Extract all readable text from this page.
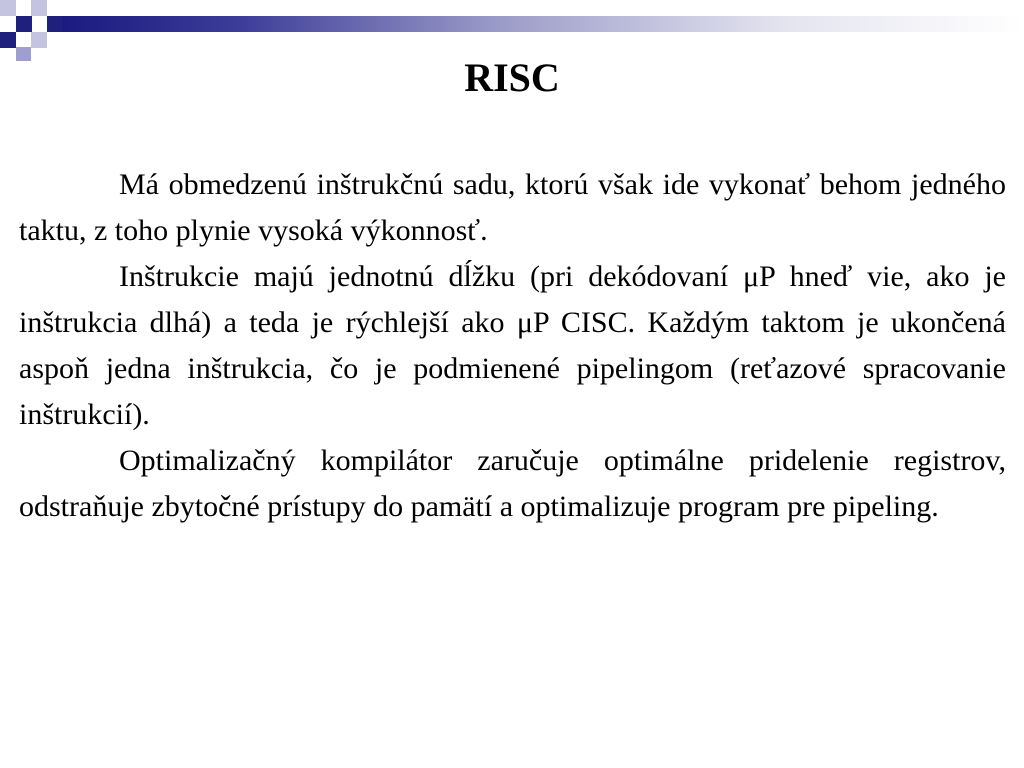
RISC

Má obmedzenú inštrukčnú sadu, ktorú však ide vykonať behom jedného taktu, z toho plynie vysoká výkonnosť.

Inštrukcie majú jednotnú dĺžku (pri dekódovaní μP hneď vie, ako je inštrukcia dlhá) a teda je rýchlejší ako μP CISC. Každým taktom je ukončená aspoň jedna inštrukcia, čo je podmienené pipelingom (reťazové spracovanie inštrukcií).

Optimalizačný kompilátor zaručuje optimálne pridelenie registrov, odstraňuje zbytočné prístupy do pamätí a optimalizuje program pre pipeling.
